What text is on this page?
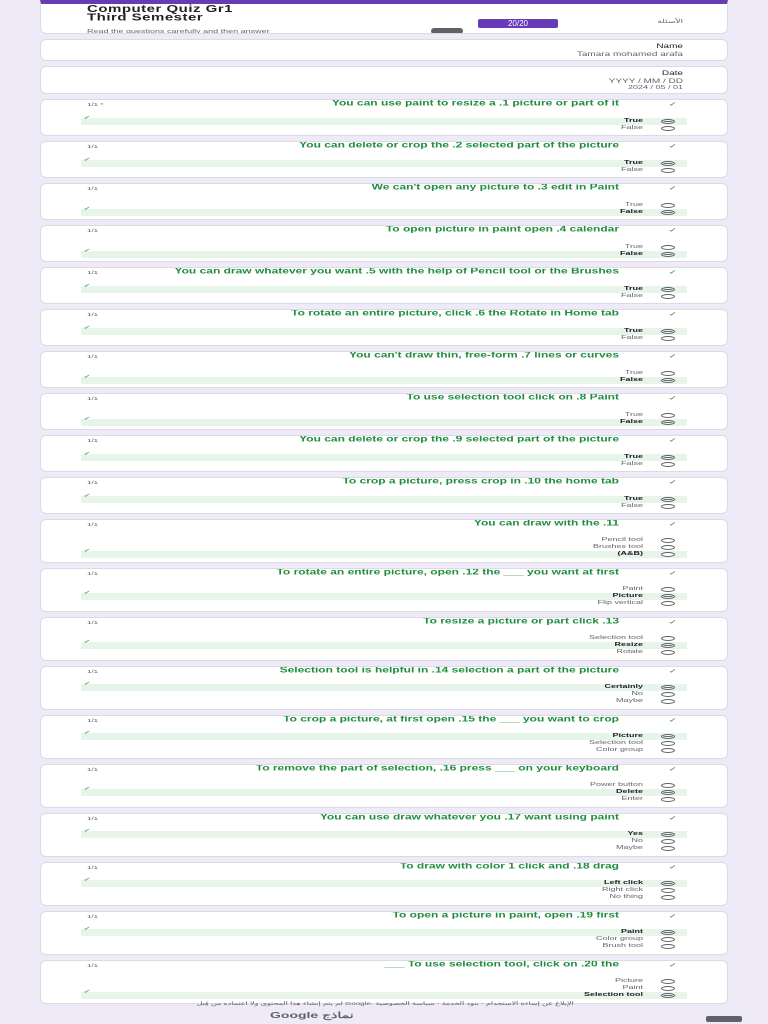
Computer Quiz Gr1
Third Semester
20/20	الأسئلة
Read the questions carefully and then answer
Name
Tamara mohamed arafa
Date
YYYY / MM / DD
2024 / 05 / 01
1/1 *	You can use paint to resize a .1 picture or part of it	✓
True
✓
False
1/1	You can delete or crop the .2 selected part of the picture	✓
True
✓
False
1/1	We can't open any picture to .3 edit in Paint	✓
True
False
✓
1/1	To open picture in paint open .4 calendar	✓
True
False
✓
1/1	You can draw whatever you want .5 with the help of Pencil tool or the Brushes	✓
True
✓
False
1/1	To rotate an entire picture, click .6 the Rotate in Home tab	✓
True
✓
False
1/1	You can't draw thin, free-form .7 lines or curves	✓
True
False
✓
1/1	To use selection tool click on .8 Paint	✓
True
False
✓
1/1	You can delete or crop the .9 selected part of the picture	✓
True
✓
False
1/1	To crop a picture, press crop in .10 the home tab	✓
True
✓
False
1/1	You can draw with the .11	✓
Pencil tool
Brushes tool
(A&B)
✓
1/1	To rotate an entire picture, open .12 the ___ you want at first	✓
Paint
Picture
✓
Flip vertical
1/1	To resize a picture or part click .13	✓
Selection tool
Resize
✓
Rotate
1/1	Selection tool is helpful in .14 selection a part of the picture	✓
Certainly
✓
No
Maybe
1/1	To crop a picture, at first open .15 the ___ you want to crop	✓
Picture
✓
Selection tool
Color group
1/1	To remove the part of selection, .16 press ___ on your keyboard	✓
Power button
Delete
✓
Enter
1/1	You can use draw whatever you .17 want using paint	✓
Yes
✓
No
Maybe
1/1	To draw with color 1 click and .18 drag	✓
Left click
✓
Right click
No thing
1/1	To open a picture in paint, open .19 first	✓
Paint
✓
Color group
Brush tool
1/1	To use selection tool, click on .20 the ___	✓
Picture
Paint
Selection tool
✓
لم يتم إنشاء هذا المحتوى ولا اعتماده من قِبل Google. الإبلاغ عن إساءة الاستخدام - بنود الخدمة - سياسة الخصوصية
Google نماذج
